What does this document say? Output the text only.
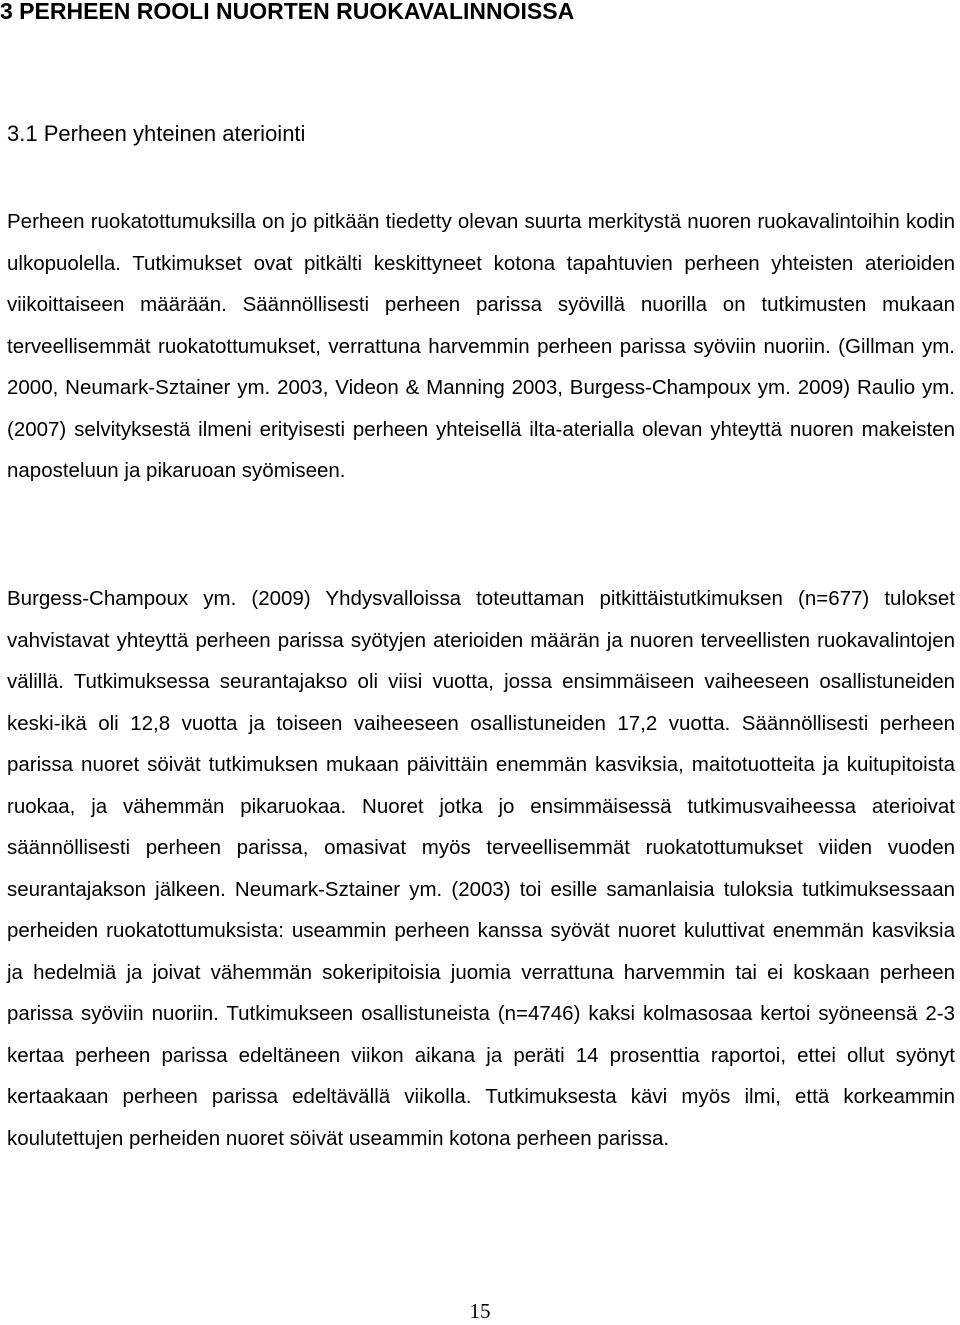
3 PERHEEN ROOLI NUORTEN RUOKAVALINNOISSA
3.1 Perheen yhteinen ateriointi

Perheen ruokatottumuksilla on jo pitkään tiedetty olevan suurta merkitystä nuoren ruokavalintoihin kodin ulkopuolella. Tutkimukset ovat pitkälti keskittyneet kotona tapahtuvien perheen yhteisten aterioiden viikoittaiseen määrään. Säännöllisesti perheen parissa syövillä nuorilla on tutkimusten mukaan terveellisemmät ruokatottumukset, verrattuna harvemmin perheen parissa syöviin nuoriin. (Gillman ym. 2000, Neumark-Sztainer ym. 2003, Videon & Manning 2003, Burgess-Champoux ym. 2009) Raulio ym. (2007) selvityksestä ilmeni erityisesti perheen yhteisellä ilta-aterialla olevan yhteyttä nuoren makeisten naposteluun ja pikaruoan syömiseen.

Burgess-Champoux ym. (2009) Yhdysvalloissa toteuttaman pitkittäistutkimuksen (n=677) tulokset vahvistavat yhteyttä perheen parissa syötyjen aterioiden määrän ja nuoren terveellisten ruokavalintojen välillä. Tutkimuksessa seurantajakso oli viisi vuotta, jossa ensimmäiseen vaiheeseen osallistuneiden keski-ikä oli 12,8 vuotta ja toiseen vaiheeseen osallistuneiden 17,2 vuotta. Säännöllisesti perheen parissa nuoret söivät tutkimuksen mukaan päivittäin enemmän kasviksia, maitotuotteita ja kuitupitoista ruokaa, ja vähemmän pikaruokaa. Nuoret jotka jo ensimmäisessä tutkimusvaiheessa aterioivat säännöllisesti perheen parissa, omasivat myös terveellisemmät ruokatottumukset viiden vuoden seurantajakson jälkeen. Neumark-Sztainer ym. (2003) toi esille samanlaisia tuloksia tutkimuksessaan perheiden ruokatottumuksista: useammin perheen kanssa syövät nuoret kuluttivat enemmän kasviksia ja hedelmiä ja joivat vähemmän sokeripitoisia juomia verrattuna harvemmin tai ei koskaan perheen parissa syöviin nuoriin. Tutkimukseen osallistuneista (n=4746) kaksi kolmasosaa kertoi syöneensä 2-3 kertaa perheen parissa edeltäneen viikon aikana ja peräti 14 prosenttia raportoi, ettei ollut syönyt kertaakaan perheen parissa edeltävällä viikolla. Tutkimuksesta kävi myös ilmi, että korkeammin koulutettujen perheiden nuoret söivät useammin kotona perheen parissa.

15
